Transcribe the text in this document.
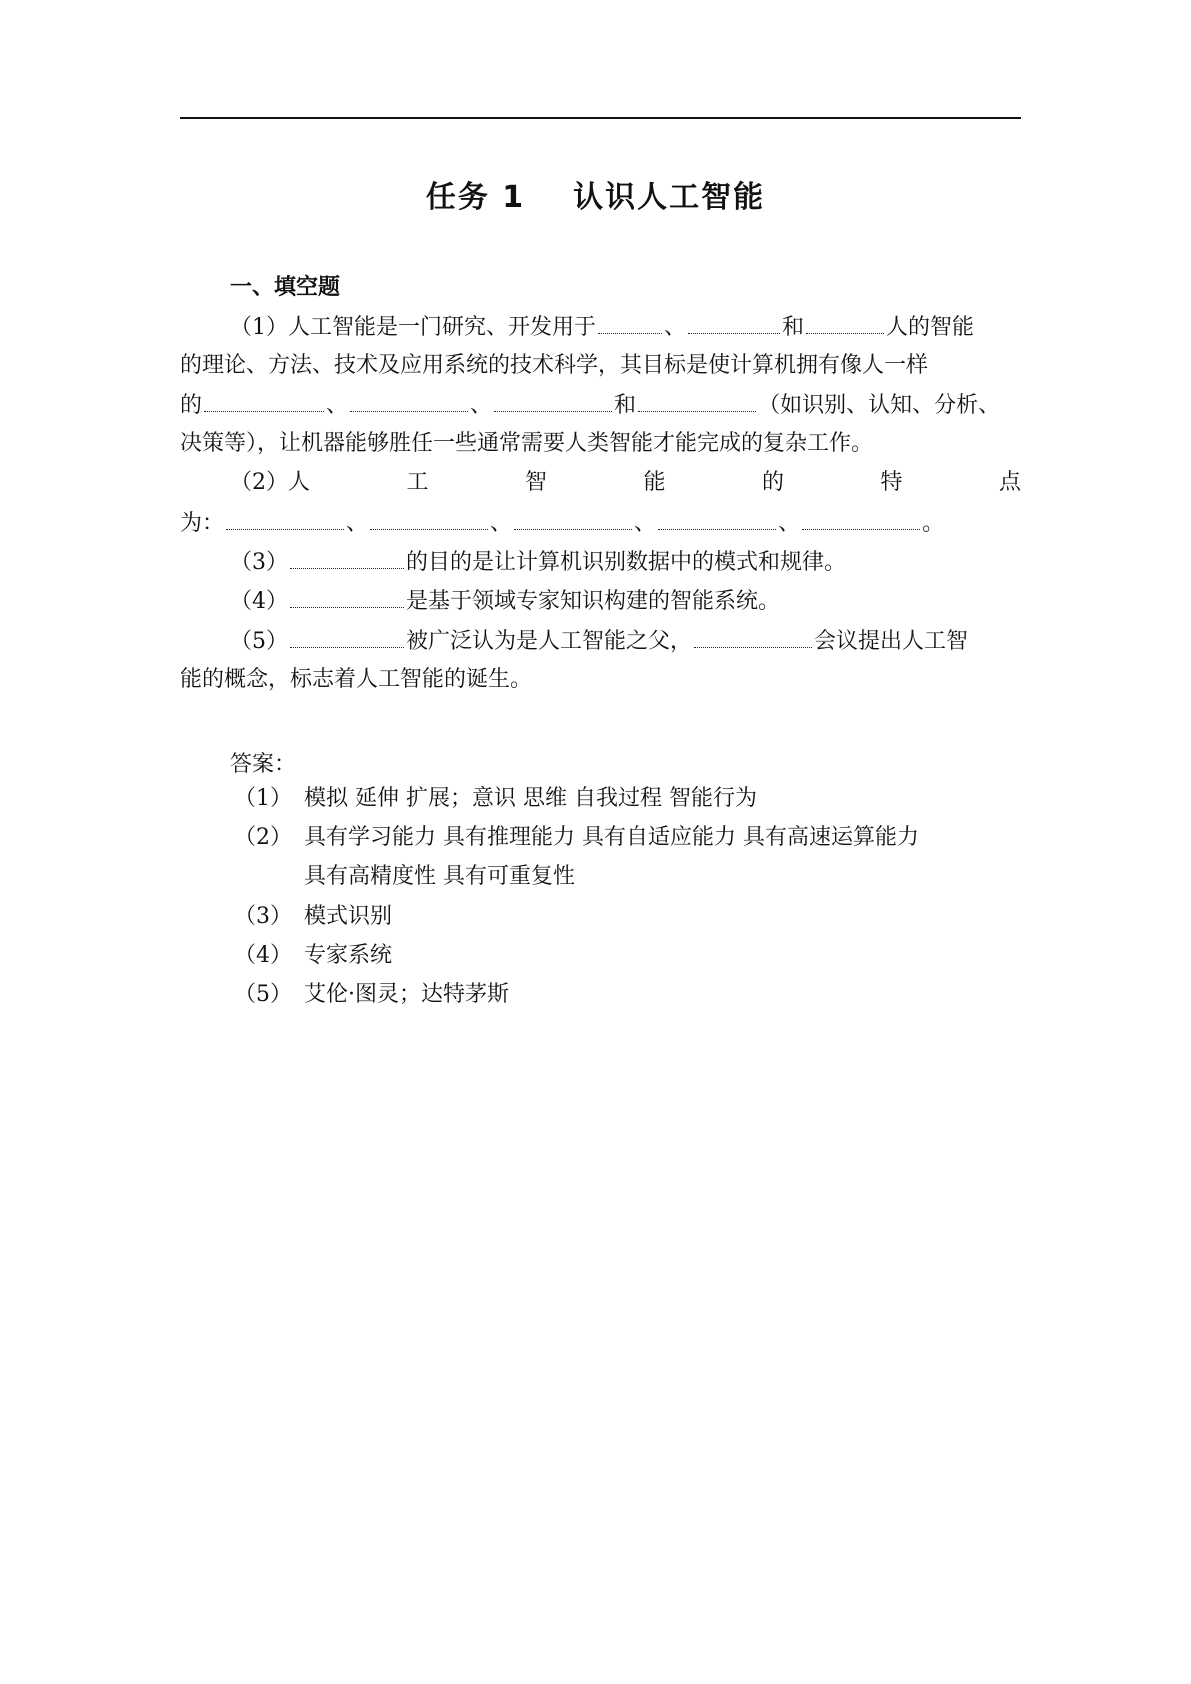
任务 1 认识人工智能
一、填空题
（1）人工智能是一门研究、开发用于	、	和	人的智能
的理论、方法、技术及应用系统的技术科学，其目标是使计算机拥有像人一样
的	、	、	和	（如识别、认知、分析、
决策等），让机器能够胜任一些通常需要人类智能才能完成的复杂工作。
（2）人	工	智	能	的	特	点
为：	、	、	、	、	。
（3）	的目的是让计算机识别数据中的模式和规律。
（4）	是基于领域专家知识构建的智能系统。
（5）	被广泛认为是人工智能之父，	会议提出人工智
能的概念，标志着人工智能的诞生。
答案：
（1） 模拟 延伸 扩展；意识 思维 自我过程 智能行为
（2） 具有学习能力 具有推理能力 具有自适应能力 具有高速运算能力
具有高精度性 具有可重复性
（3） 模式识别
（4） 专家系统
（5） 艾伦·图灵；达特茅斯
